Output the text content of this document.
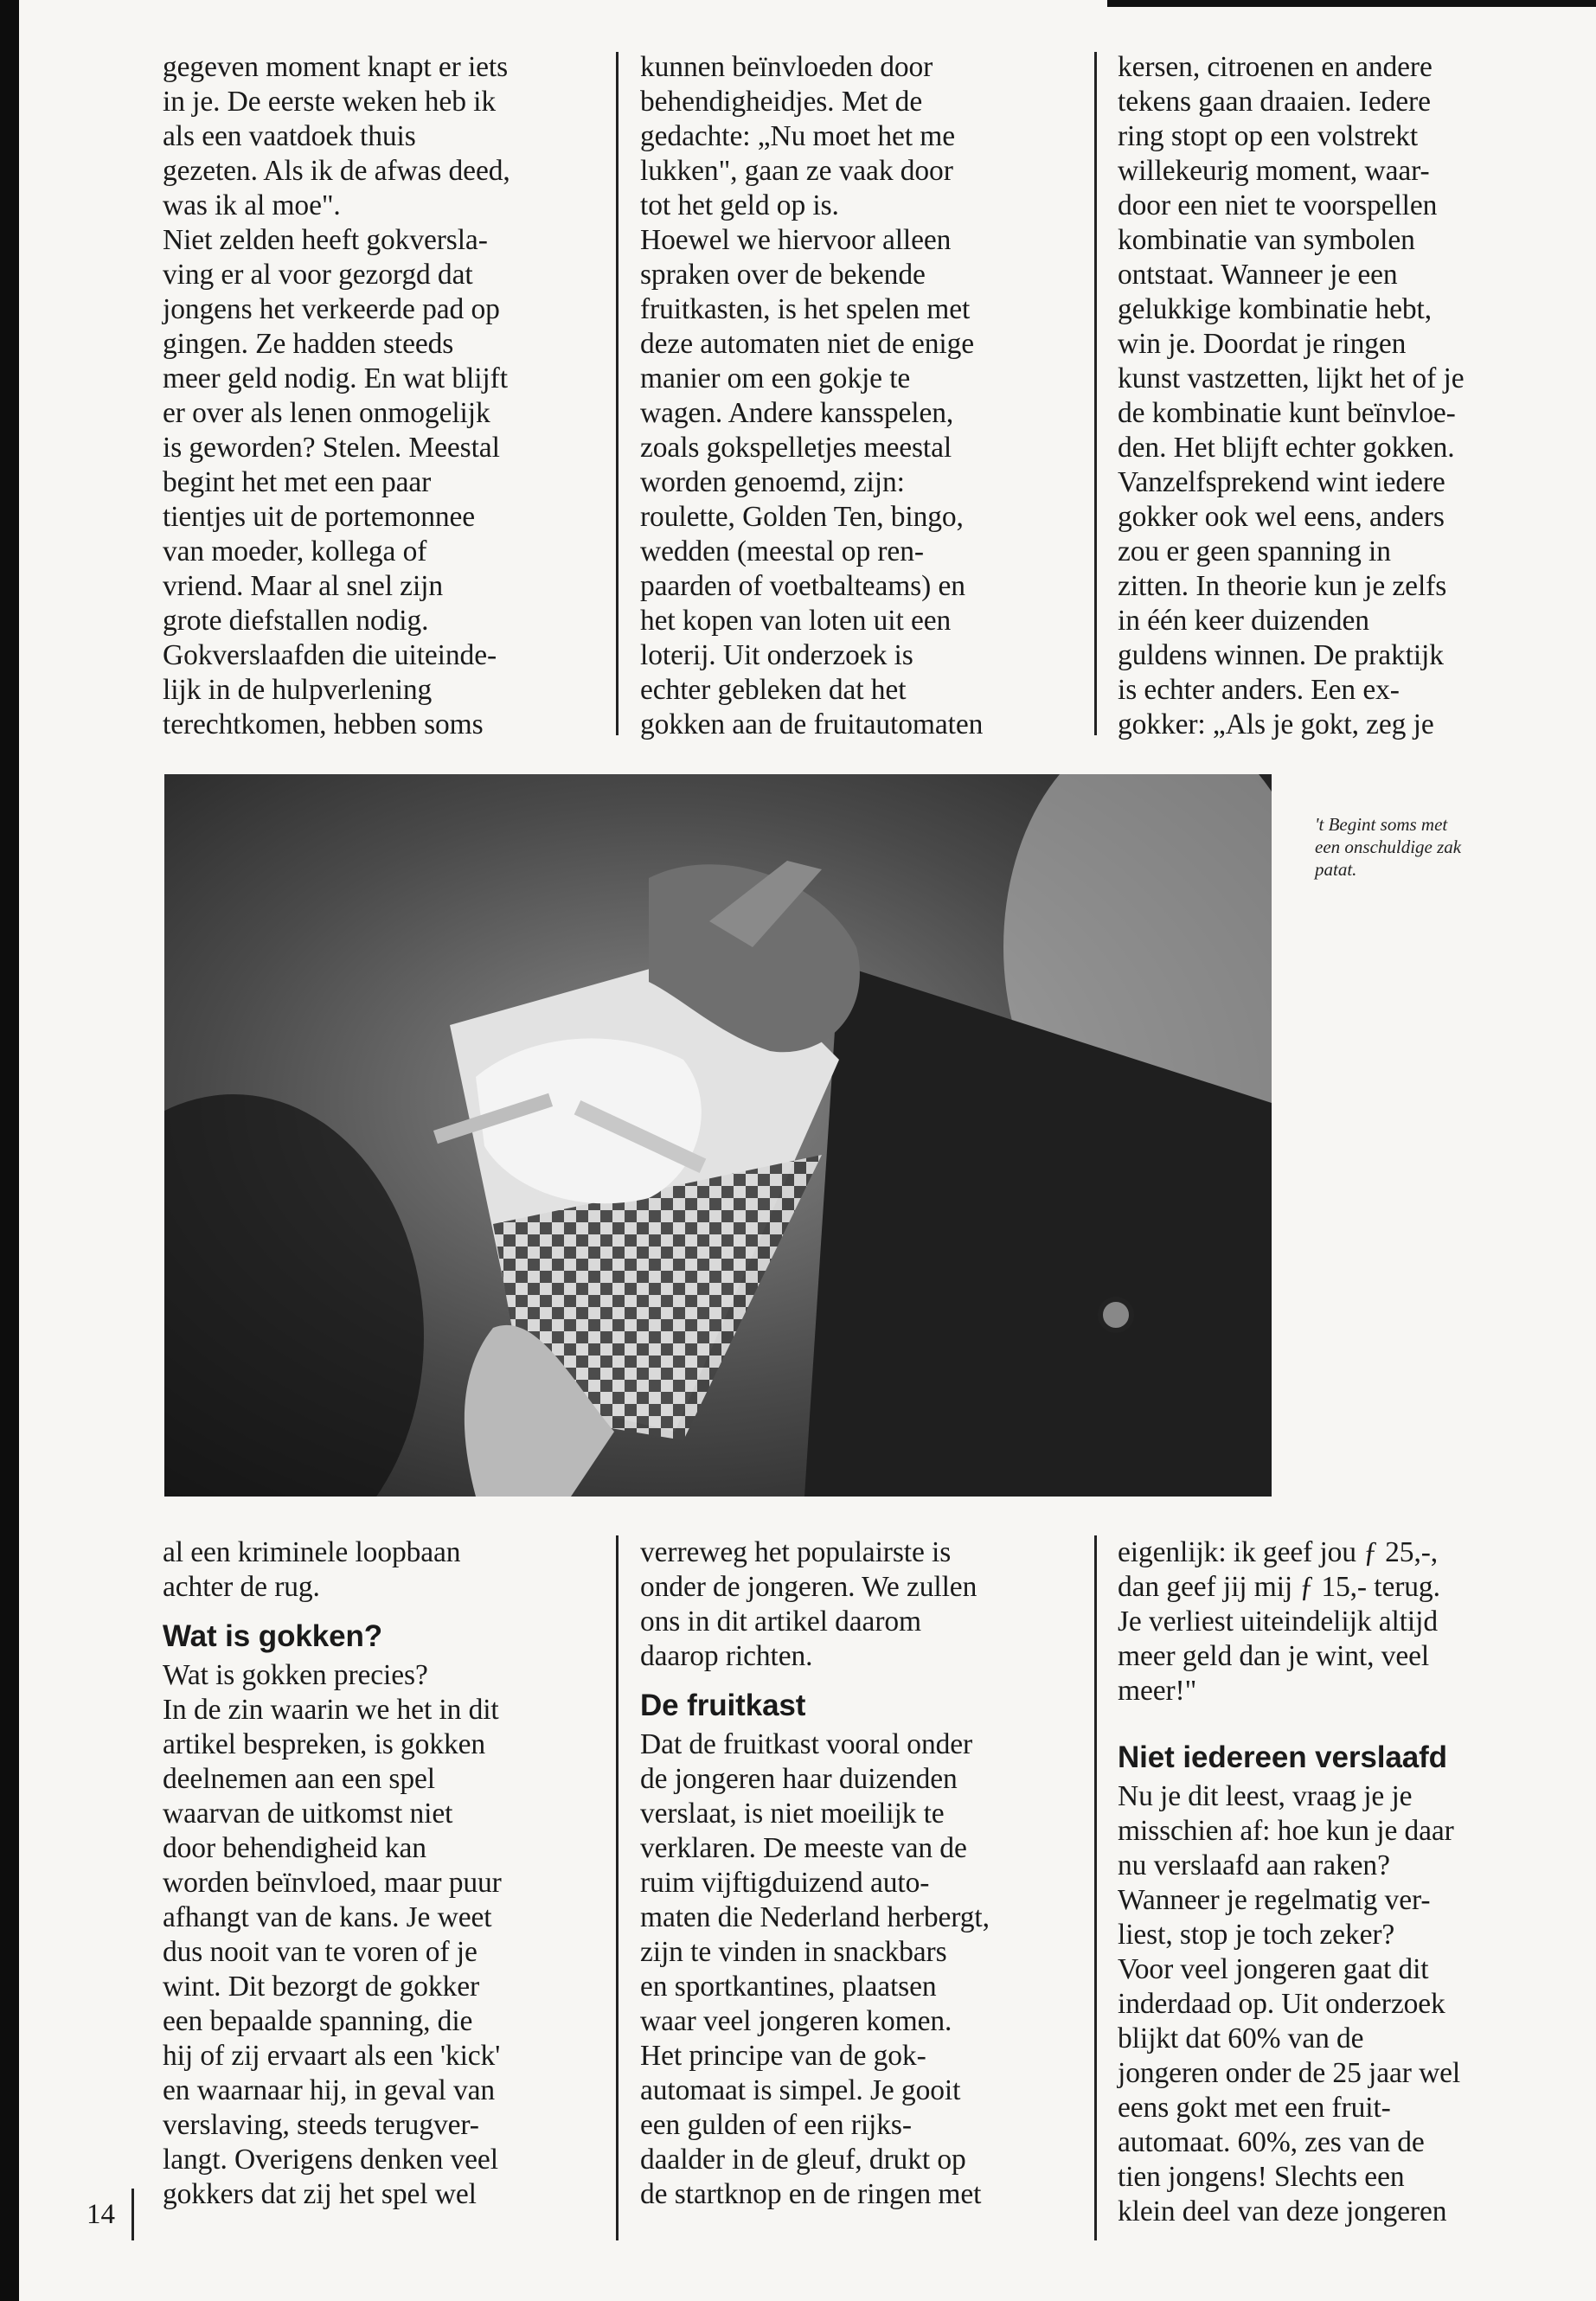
gegeven moment knapt er iets
in je. De eerste weken heb ik
als een vaatdoek thuis
gezeten. Als ik de afwas deed,
was ik al moe".
Niet zelden heeft gokversla-
ving er al voor gezorgd dat
jongens het verkeerde pad op
gingen. Ze hadden steeds
meer geld nodig. En wat blijft
er over als lenen onmogelijk
is geworden? Stelen. Meestal
begint het met een paar
tientjes uit de portemonnee
van moeder, kollega of
vriend. Maar al snel zijn
grote diefstallen nodig.
Gokverslaafden die uiteinde-
lijk in de hulpverlening
terechtkomen, hebben soms

kunnen beïnvloeden door
behendigheidjes. Met de
gedachte: „Nu moet het me
lukken", gaan ze vaak door
tot het geld op is.
Hoewel we hiervoor alleen
spraken over de bekende
fruitkasten, is het spelen met
deze automaten niet de enige
manier om een gokje te
wagen. Andere kansspelen,
zoals gokspelletjes meestal
worden genoemd, zijn:
roulette, Golden Ten, bingo,
wedden (meestal op ren-
paarden of voetbalteams) en
het kopen van loten uit een
loterij. Uit onderzoek is
echter gebleken dat het
gokken aan de fruitautomaten

kersen, citroenen en andere
tekens gaan draaien. Iedere
ring stopt op een volstrekt
willekeurig moment, waar-
door een niet te voorspellen
kombinatie van symbolen
ontstaat. Wanneer je een
gelukkige kombinatie hebt,
win je. Doordat je ringen
kunst vastzetten, lijkt het of je
de kombinatie kunt beïnvloe-
den. Het blijft echter gokken.
Vanzelfsprekend wint iedere
gokker ook wel eens, anders
zou er geen spanning in
zitten. In theorie kun je zelfs
in één keer duizenden
guldens winnen. De praktijk
is echter anders. Een ex-
gokker: „Als je gokt, zeg je

't Begint soms met
een onschuldige zak
patat.

al een kriminele loopbaan
achter de rug.

Wat is gokken?

Wat is gokken precies?
In de zin waarin we het in dit
artikel bespreken, is gokken
deelnemen aan een spel
waarvan de uitkomst niet
door behendigheid kan
worden beïnvloed, maar puur
afhangt van de kans. Je weet
dus nooit van te voren of je
wint. Dit bezorgt de gokker
een bepaalde spanning, die
hij of zij ervaart als een 'kick'
en waarnaar hij, in geval van
verslaving, steeds terugver-
langt. Overigens denken veel
gokkers dat zij het spel wel

verreweg het populairste is
onder de jongeren. We zullen
ons in dit artikel daarom
daarop richten.

De fruitkast

Dat de fruitkast vooral onder
de jongeren haar duizenden
verslaat, is niet moeilijk te
verklaren. De meeste van de
ruim vijftigduizend auto-
maten die Nederland herbergt,
zijn te vinden in snackbars
en sportkantines, plaatsen
waar veel jongeren komen.
Het principe van de gok-
automaat is simpel. Je gooit
een gulden of een rijks-
daalder in de gleuf, drukt op
de startknop en de ringen met

eigenlijk: ik geef jou ƒ 25,-,
dan geef jij mij ƒ 15,- terug.
Je verliest uiteindelijk altijd
meer geld dan je wint, veel
meer!"

Niet iedereen verslaafd

Nu je dit leest, vraag je je
misschien af: hoe kun je daar
nu verslaafd aan raken?
Wanneer je regelmatig ver-
liest, stop je toch zeker?
Voor veel jongeren gaat dit
inderdaad op. Uit onderzoek
blijkt dat 60% van de
jongeren onder de 25 jaar wel
eens gokt met een fruit-
automaat. 60%, zes van de
tien jongens! Slechts een
klein deel van deze jongeren

14
